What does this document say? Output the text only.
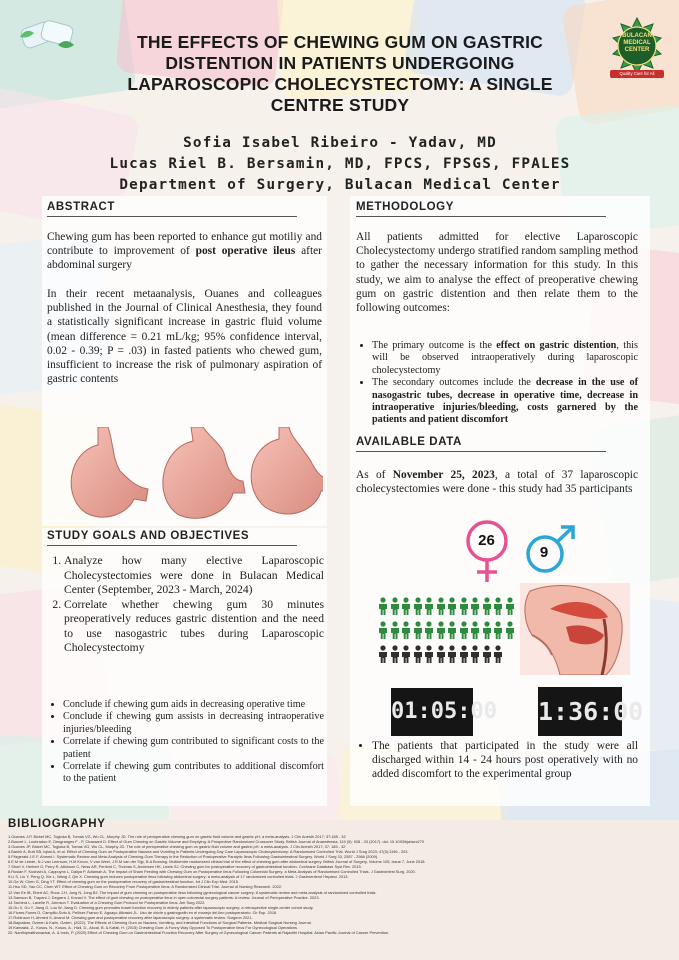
BULACAN
MEDICAL
CENTER
Quality Care for All
THE EFFECTS OF CHEWING GUM ON GASTRIC DISTENTION IN PATIENTS UNDERGOING LAPAROSCOPIC CHOLECYSTECTOMY: A SINGLE CENTRE STUDY
Sofia Isabel Ribeiro - Yadav, MD
Lucas Riel B. Bersamin, MD, FPCS, FPSGS, FPALES
Department of Surgery, Bulacan Medical Center
ABSTRACT
Chewing gum has been reported to enhance gut motiliy and contribute to improvement of post operative ileus after abdominal surgery
In their recent metaanalysis, Ouanes and colleagues published in the Journal of Clinical Anesthesia, they found a statistically significant increase in gastric fluid volume (mean difference = 0.21 mL/kg; 95% confidence interval, 0.02 - 0.39; P = .03) in fasted patients who chewed gum, insufficient to increase the risk of pulmonary aspiration of gastric contents
STUDY GOALS AND OBJECTIVES
1. Analyze how many elective Laparoscopic Cholecystectomies were done in Bulacan Medical Center (September, 2023 - March, 2024)
2. Correlate whether chewing gum 30 minutes preoperatively reduces gastric distention and the need to use nasogastric tubes during Laparoscopic Cholecystectomy
• Conclude if chewing gum aids in decreasing operative time
• Conclude if chewing gum assists in decreasing intraoperative injuries/bleeding
• Correlate if chewing gum contributed to significant costs to the patient
• Correlate if chewing gum contributes to additional discomfort to the patient
METHODOLOGY
All patients admitted for elective Laparoscopic Cholecystectomy undergo stratified random sampling method to gather the necessary information for this study. In this study, we aim to analyse the effect of preoperative chewing gum on gastric distention and then relate them to the following outcomes:
• The primary outcome is the effect on gastric distention, this will be observed intraoperatively during laparoscopic cholecystectomy
• The secondary outcomes include the decrease in the use of nasogastric tubes, decrease in operative time, decrease in intraoperative injuries/bleeding, costs garnered by the patients and patient discomfort
AVAILABLE DATA
As of November 25, 2023, a total of 37 laparoscopic cholecystectomies were done - this study had 35 participants
26
9
01:05:00 1:36:00
• The patients that participated in the study were all discharged within 14 - 24 hours post operatively with no added discomfort to the experimental group
BIBLIOGRAPHY
1.Ouanes J-P, Bicket MC, Togioka B, Tomas VG, Wu CL, Murphy JD. The role of perioperative chewing gum on gastric fluid volume and gastric pH: a meta-analysis. J Clin Anesth 2017; 37:185 - 32
2.Bouvet L, Loubradou E, Desgranges F - P, Chassard D. Effect of Gum Chewing on Gastric Volume and Emptying: A Prospective Randomized Crossover Study. British Journal of Anaesthesia, 119 (5): 928 - 33 (2017). doi: 10.1093/bja/aex270
3.Ouanes JP, Bicket MC, Togioka B, Tomas VG, Wu CL, Murphy JD. The role of perioperative chewing gum on gastric fluid volume and gastric pH: a meta-analysis. J Clin Anesth 2017; 37: 185 - 32
4.Bashir A, Butt SB, Iqbal A, et al. Effect of Chewing Gum on Postoperative Nausea and Vomiting in Patients Undergoing Day Care Laparoscopic Cholecystectomy: A Randomized Controlled Trial. World J Surg 2023; 47(5):1196 - 203.
5.Fitzgerald J.E.F, Ahmed I. Systematic Review and Meta-Analysis of Chewing-Gum Therapy in the Reduction of Postoperative Paralytic Ileus Following Gastrointestinal Surgery. World J Surg 33, 2557 - 2566 (2009).
6.E.M de Leede, N.J van Leersum, H.M Kroon, V van Weel, J.R.M van der Sijp, B.A Bonsing. Multicentre randomized clinical trial of the effect of chewing gum after abdominal surgery. British Journal of Surgery, Volume 105, Issue 7, June 2018.
7.Short V, Herbert G, Perry R, Atkinson C, Ness AR, Penfold C, Thomas S, Andersen HK, Lewis SJ. Chewing gum for postoperative recovery of gastrointestinal function. Cochrane Database Syst Rev. 2015.
8.Roslan F, Kushairi A, Cappuyns L, Daliya P, Adiamah A. The Impact of Sham Feeding with Chewing Gum on Postoperative Ileus Following Colorectal Surgery: a Meta-Analysis of Randomised Controlled Trials. J Gastrointest Surg. 2020.
9.Li S, Liu Y, Peng Q, Xie L, Wang J, Qin X. Chewing gum reduces postoperative ileus following abdominal surgery: a meta-analysis of 17 randomized controlled trials. J Gastroenterol Hepatol. 2013.
10.Ge W, Chen G, Ding YT. Effect of chewing gum on the postoperative recovery of gastrointestinal function. Int J Clin Exp Med. 2015.
11.Hsu SD, Yao CC, Chen WT. Effect of Chewing Gum on Recovery From Postoperative Ileus: A Randomized Clinical Trial. Journal of Nursing Research. 2022.
12.Van Ee IB, Ebert AC, Roos J-H, Jong N, Jong BJ. The impact of gum chewing on postoperative ileus following gynecological cancer surgery: A systematic review and meta-analysis of randomized controlled trials.
13.Samson B, Trapani J, Degarra J, Kovaci V. The effect of gum chewing on postoperative ileus in open colorectal surgery patients: A review. Journal of Perioperative Practice. 2023.
14.Tachera L, Lavelle R, Johnson T. Evaluation of a Chewing Gum Protocol for Postoperative Ileus. Am Surg 2022.
15.Gu X, Gu Y, Jiang G, Luo W, Jiang D. Chewing gum promotes bowel function recovery in elderly patients after laparoscopic surgery: a retrospective single-center cohort study.
16.Flores-Funes D, Campillo-Soto A, Pellicer-Franco E, Aguayo-Albasini JL. Uso de chicle y gastrografin en el manejo del ileo postoperatorio. Cir Esp. 2016.
17.Robinson H, Ahmed S, Anand M. Chewing gum and postoperative recovery after laparoscopic surgery: a systematic review. Surgeon 2021.
18.Bayraktar, Ozmen & Kalin, Ozden. (2022). The Effects of Chewing Gum on Nausea, Vomiting, and Intestinal Functions of Surgical Patients. Medical Surgical Nursing Journal.
19.Kamalak, Z., Kosus, N., Kosus, A., Hizli, D., Akcal, B. & Kafali, H. (2015) Chewing Gum: A Funny Way Opposed To Postoperative Ileus For Gynecological Operations.
20. Nanthiphatthanachai, A. & Insin, P. (2020) Effect of Chewing Gum on Gastrointestinal Function Recovery After Surgery of Gynecological Cancer Patients at Rajavithi Hospital. Asian Pacific Journal of Cancer Prevention.
